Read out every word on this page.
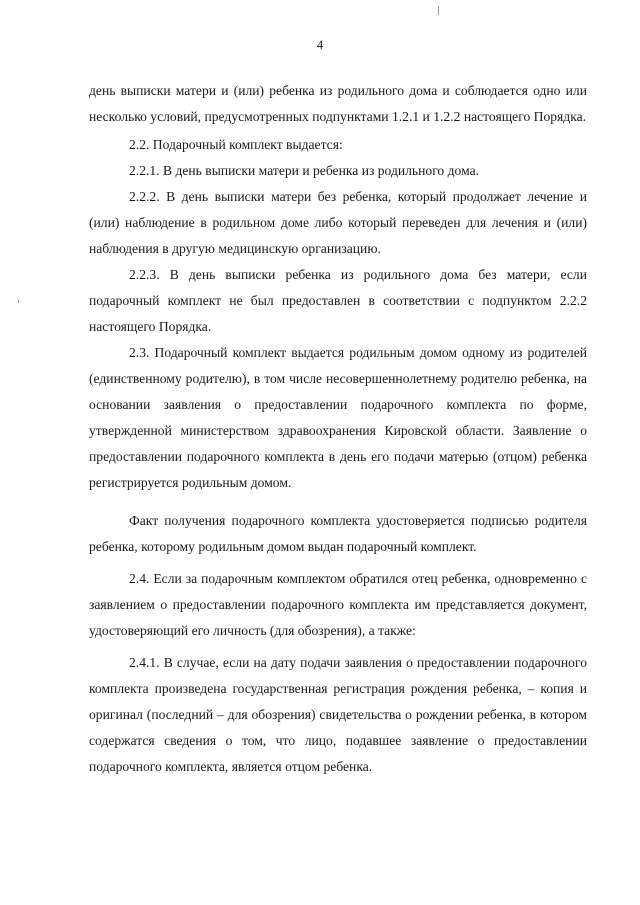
4

день выписки матери и (или) ребенка из родильного дома и соблюдается одно или несколько условий, предусмотренных подпунктами 1.2.1 и 1.2.2 настоящего Порядка.

2.2. Подарочный комплект выдается:

2.2.1. В день выписки матери и ребенка из родильного дома.

2.2.2. В день выписки матери без ребенка, который продолжает лечение и (или) наблюдение в родильном доме либо который переведен для лечения и (или) наблюдения в другую медицинскую организацию.

2.2.3. В день выписки ребенка из родильного дома без матери, если подарочный комплект не был предоставлен в соответствии с подпунктом 2.2.2 настоящего Порядка.

2.3. Подарочный комплект выдается родильным домом одному из родителей (единственному родителю), в том числе несовершеннолетнему родителю ребенка, на основании заявления о предоставлении подарочного комплекта по форме, утвержденной министерством здравоохранения Кировской области. Заявление о предоставлении подарочного комплекта в день его подачи матерью (отцом) ребенка регистрируется родильным домом.

Факт получения подарочного комплекта удостоверяется подписью родителя ребенка, которому родильным домом выдан подарочный комплект.

2.4. Если за подарочным комплектом обратился отец ребенка, одновременно с заявлением о предоставлении подарочного комплекта им представляется документ, удостоверяющий его личность (для обозрения), а также:

2.4.1. В случае, если на дату подачи заявления о предоставлении подарочного комплекта произведена государственная регистрация рождения ребенка, – копия и оригинал (последний – для обозрения) свидетельства о рождении ребенка, в котором содержатся сведения о том, что лицо, подавшее заявление о предоставлении подарочного комплекта, является отцом ребенка.
